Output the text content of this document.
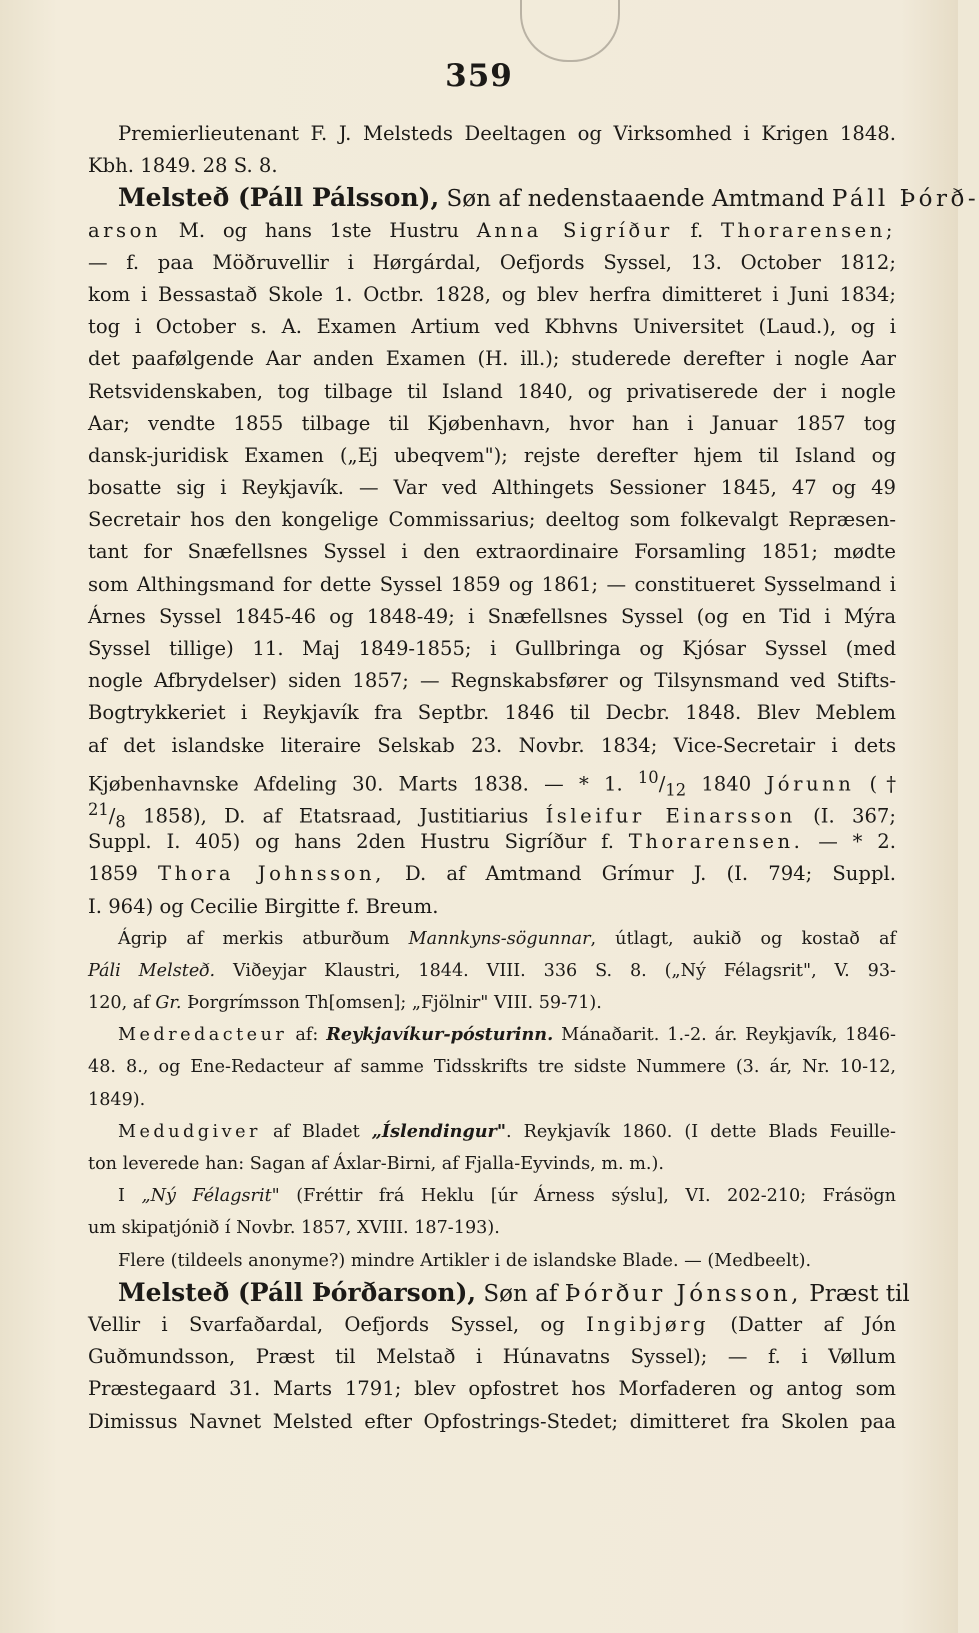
359
Premierlieutenant F. J. Melsteds Deeltagen og Virksomhed i Krigen 1848.
Kbh. 1849. 28 S. 8.
Melsteð (Páll Pálsson), Søn af nedenstaaende Amtmand Páll Þórð-
arson M. og hans 1ste Hustru Anna Sigríður f. Thorarensen;
— f. paa Möðruvellir i Hørgárdal, Oefjords Syssel, 13. October 1812;
kom i Bessastað Skole 1. Octbr. 1828, og blev herfra dimitteret i Juni 1834;
tog i October s. A. Examen Artium ved Kbhvns Universitet (Laud.), og i
det paafølgende Aar anden Examen (H. ill.); studerede derefter i nogle Aar
Retsvidenskaben, tog tilbage til Island 1840, og privatiserede der i nogle
Aar; vendte 1855 tilbage til Kjøbenhavn, hvor han i Januar 1857 tog
dansk-juridisk Examen („Ej ubeqvem"); rejste derefter hjem til Island og
bosatte sig i Reykjavík. — Var ved Althingets Sessioner 1845, 47 og 49
Secretair hos den kongelige Commissarius; deeltog som folkevalgt Repræsen-
tant for Snæfellsnes Syssel i den extraordinaire Forsamling 1851; mødte
som Althingsmand for dette Syssel 1859 og 1861; — constitueret Sysselmand i
Árnes Syssel 1845-46 og 1848-49; i Snæfellsnes Syssel (og en Tid i Mýra
Syssel tillige) 11. Maj 1849-1855; i Gullbringa og Kjósar Syssel (med
nogle Afbrydelser) siden 1857; — Regnskabsfører og Tilsynsmand ved Stifts-
Bogtrykkeriet i Reykjavík fra Septbr. 1846 til Decbr. 1848. Blev Meblem
af det islandske literaire Selskab 23. Novbr. 1834; Vice-Secretair i dets
Kjøbenhavnske Afdeling 30. Marts 1838. — * 1. $^{10}/_{12}$ 1840 Jórunn (†
$^{21}/_8$ 1858), D. af Etatsraad, Justitiarius Ísleifur Einarsson (I. 367;
Suppl. I. 405) og hans 2den Hustru Sigríður f. Thorarensen. — * 2.
1859 Thora Johnsson, D. af Amtmand Grímur J. (I. 794; Suppl.
I. 964) og Cecilie Birgitte f. Breum.
Ágrip af merkis atburðum Mannkyns-sögunnar, útlagt, aukið og kostað af
Páli Melsteð. Viðeyjar Klaustri, 1844. VIII. 336 S. 8. („Ný Félagsrit", V. 93-
120, af Gr. Þorgrímsson Th[omsen]; „Fjölnir" VIII. 59-71).
Medredacteur af: Reykjavíkur-pósturinn. Mánaðarit. 1.-2. ár. Reykjavík, 1846-
48. 8., og Ene-Redacteur af samme Tidsskrifts tre sidste Nummere (3. ár, Nr. 10-12,
1849).
Medudgiver af Bladet „Íslendingur". Reykjavík 1860. (I dette Blads Feuille-
ton leverede han: Sagan af Áxlar-Birni, af Fjalla-Eyvinds, m. m.).
I „Ný Félagsrit" (Fréttir frá Heklu [úr Árness sýslu], VI. 202-210; Frásögn
um skipatjónið í Novbr. 1857, XVIII. 187-193).
Flere (tildeels anonyme?) mindre Artikler i de islandske Blade. — (Medbeelt).
Melsteð (Páll Þórðarson), Søn af Þórður Jónsson, Præst til
Vellir i Svarfaðardal, Oefjords Syssel, og Ingibjørg (Datter af Jón
Guðmundsson, Præst til Melstað i Húnavatns Syssel); — f. i Vøllum
Præstegaard 31. Marts 1791; blev opfostret hos Morfaderen og antog som
Dimissus Navnet Melsted efter Opfostrings-Stedet; dimitteret fra Skolen paa
